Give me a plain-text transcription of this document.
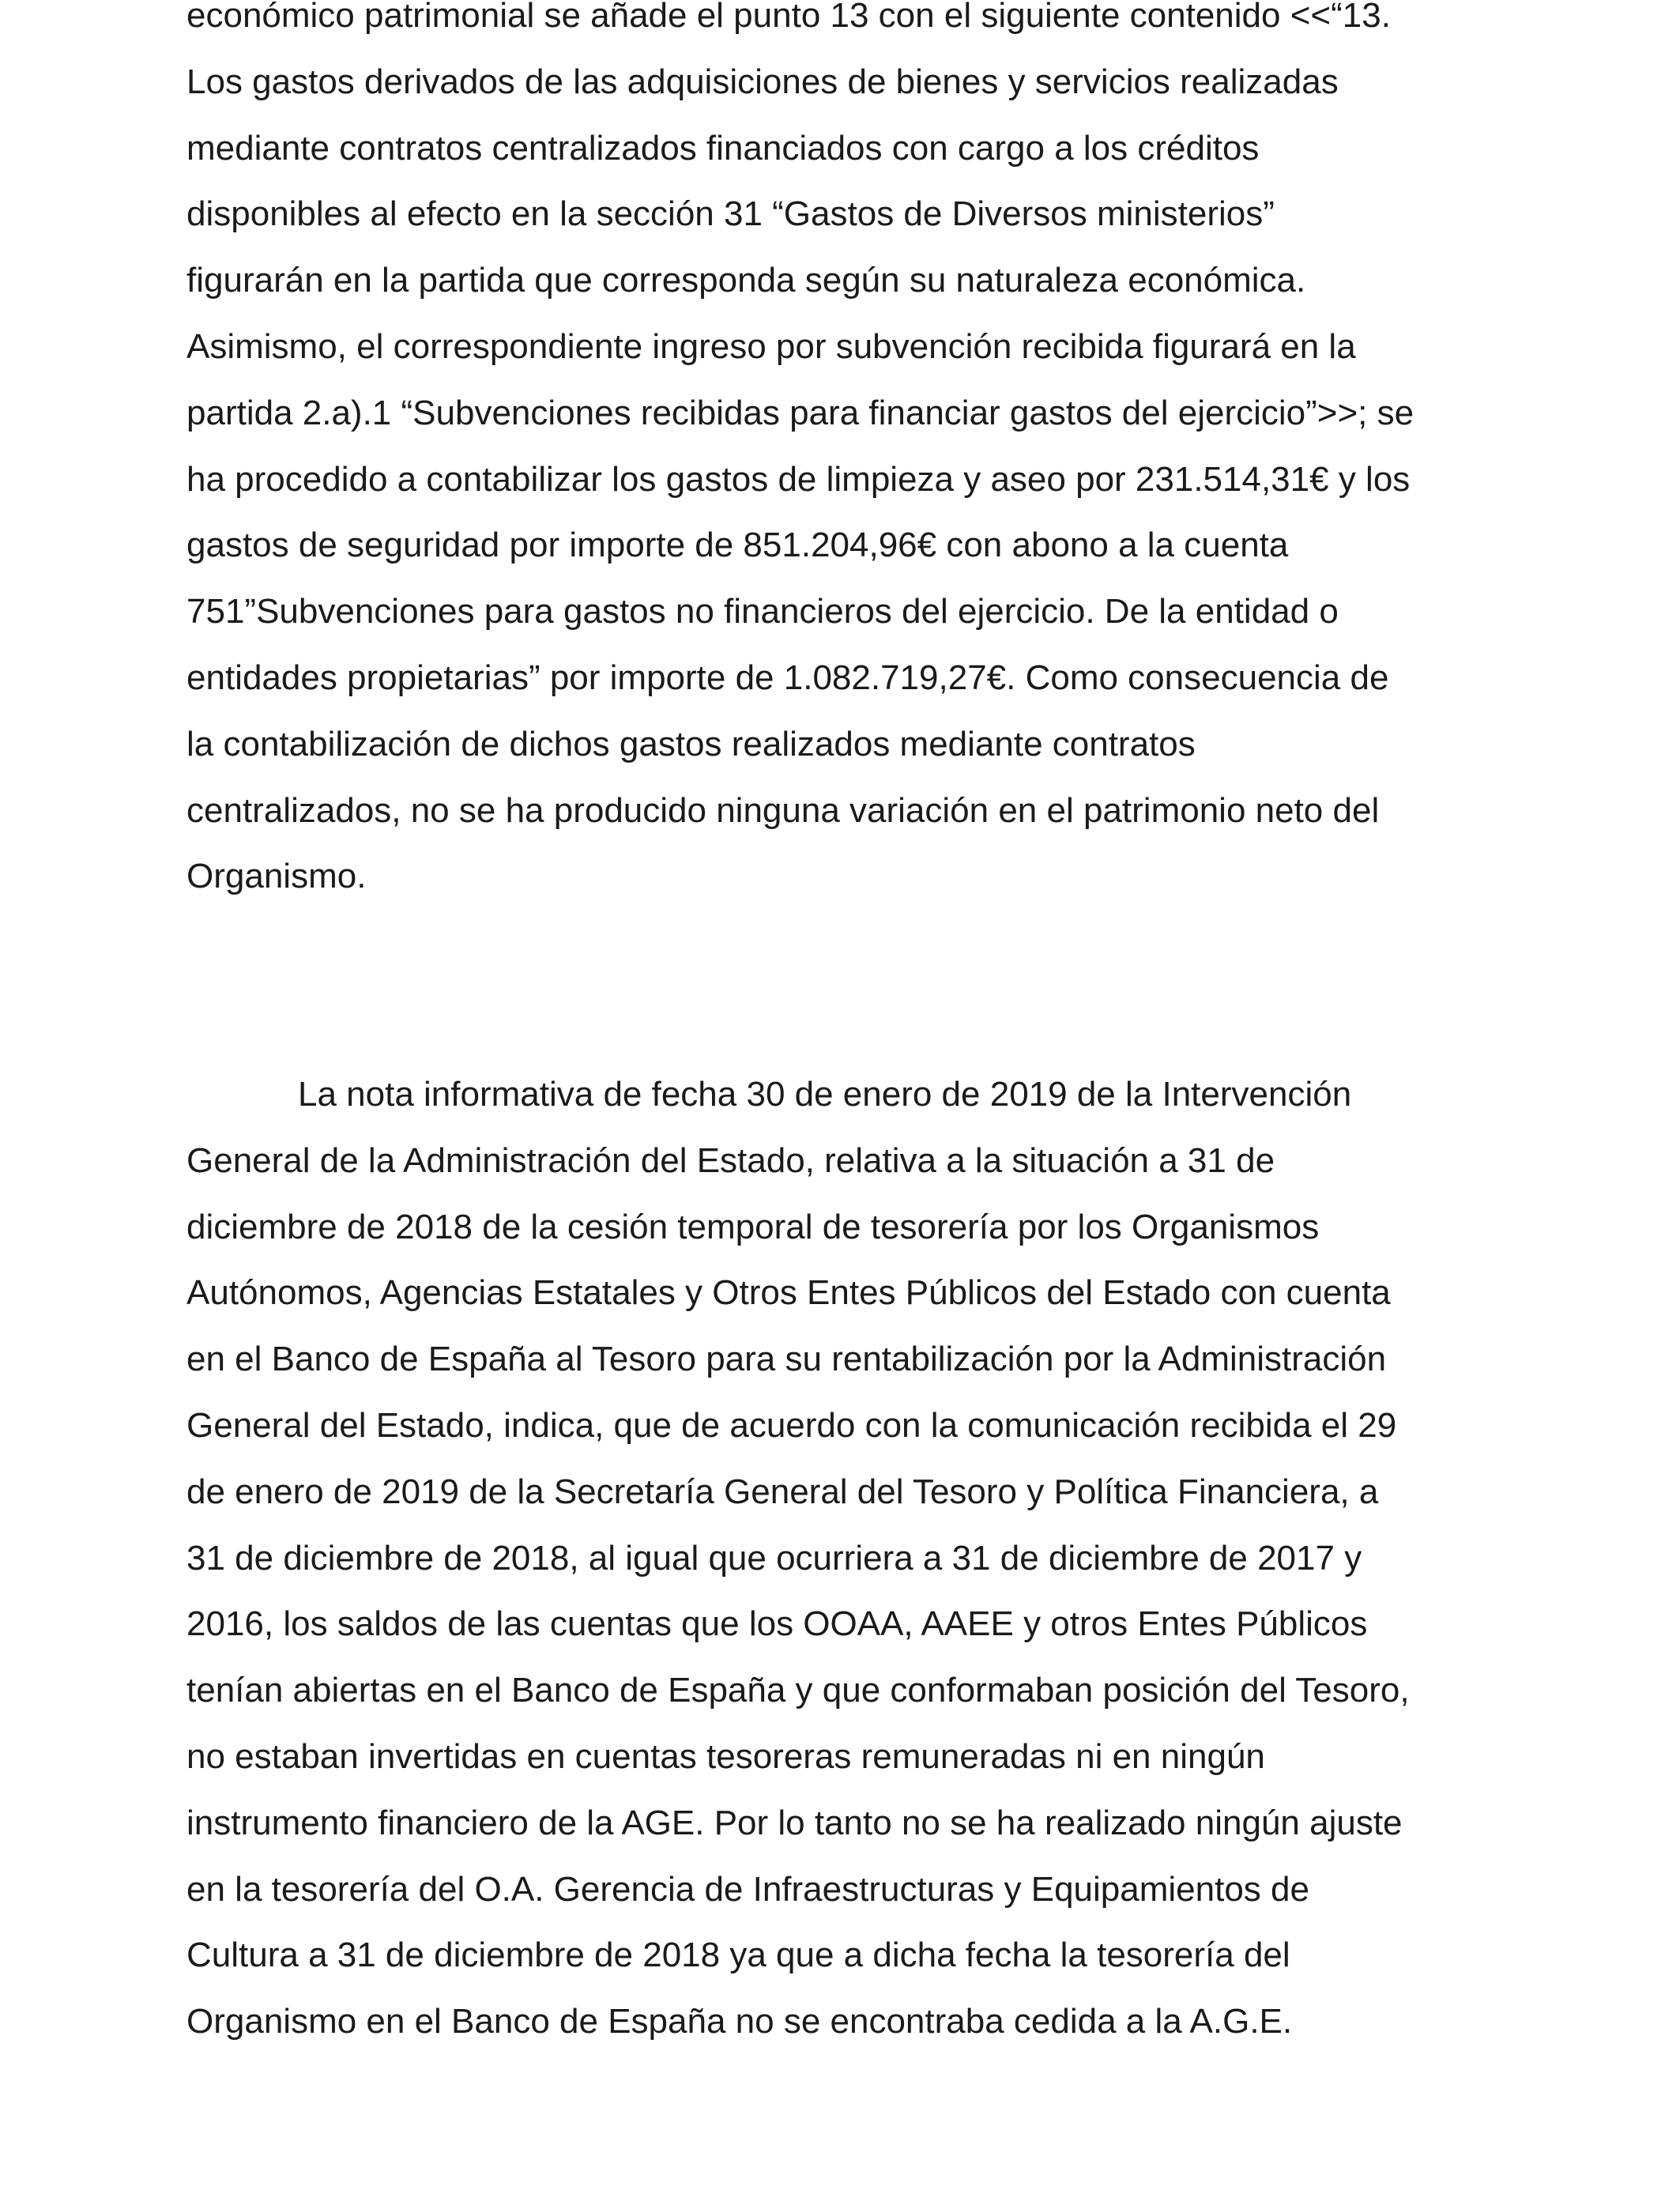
económico patrimonial se añade el punto 13 con el siguiente contenido <<“13.
Los gastos derivados de las adquisiciones de bienes y servicios realizadas
mediante contratos centralizados financiados con cargo a los créditos
disponibles al efecto en la sección 31 “Gastos de Diversos ministerios”
figurarán en la partida que corresponda según su naturaleza económica.
Asimismo, el correspondiente ingreso por subvención recibida figurará en la
partida 2.a).1 “Subvenciones recibidas para financiar gastos del ejercicio”>>; se
ha procedido a contabilizar los gastos de limpieza y aseo por 231.514,31€ y los
gastos de seguridad por importe de 851.204,96€ con abono a la cuenta
751”Subvenciones para gastos no financieros del ejercicio. De la entidad o
entidades propietarias” por importe de 1.082.719,27€. Como consecuencia de
la contabilización de dichos gastos realizados mediante contratos
centralizados, no se ha producido ninguna variación en el patrimonio neto del
Organismo.
La nota informativa de fecha 30 de enero de 2019 de la Intervención
General de la Administración del Estado, relativa a la situación a 31 de
diciembre de 2018 de la cesión temporal de tesorería por los Organismos
Autónomos, Agencias Estatales y Otros Entes Públicos del Estado con cuenta
en el Banco de España al Tesoro para su rentabilización por la Administración
General del Estado, indica, que de acuerdo con la comunicación recibida el 29
de enero de 2019 de la Secretaría General del Tesoro y Política Financiera, a
31 de diciembre de 2018, al igual que ocurriera a 31 de diciembre de 2017 y
2016, los saldos de las cuentas que los OOAA, AAEE y otros Entes Públicos
tenían abiertas en el Banco de España y que conformaban posición del Tesoro,
no estaban invertidas en cuentas tesoreras remuneradas ni en ningún
instrumento financiero de la AGE. Por lo tanto no se ha realizado ningún ajuste
en la tesorería del O.A. Gerencia de Infraestructuras y Equipamientos de
Cultura a 31 de diciembre de 2018 ya que a dicha fecha la tesorería del
Organismo en el Banco de España no se encontraba cedida a la A.G.E.
